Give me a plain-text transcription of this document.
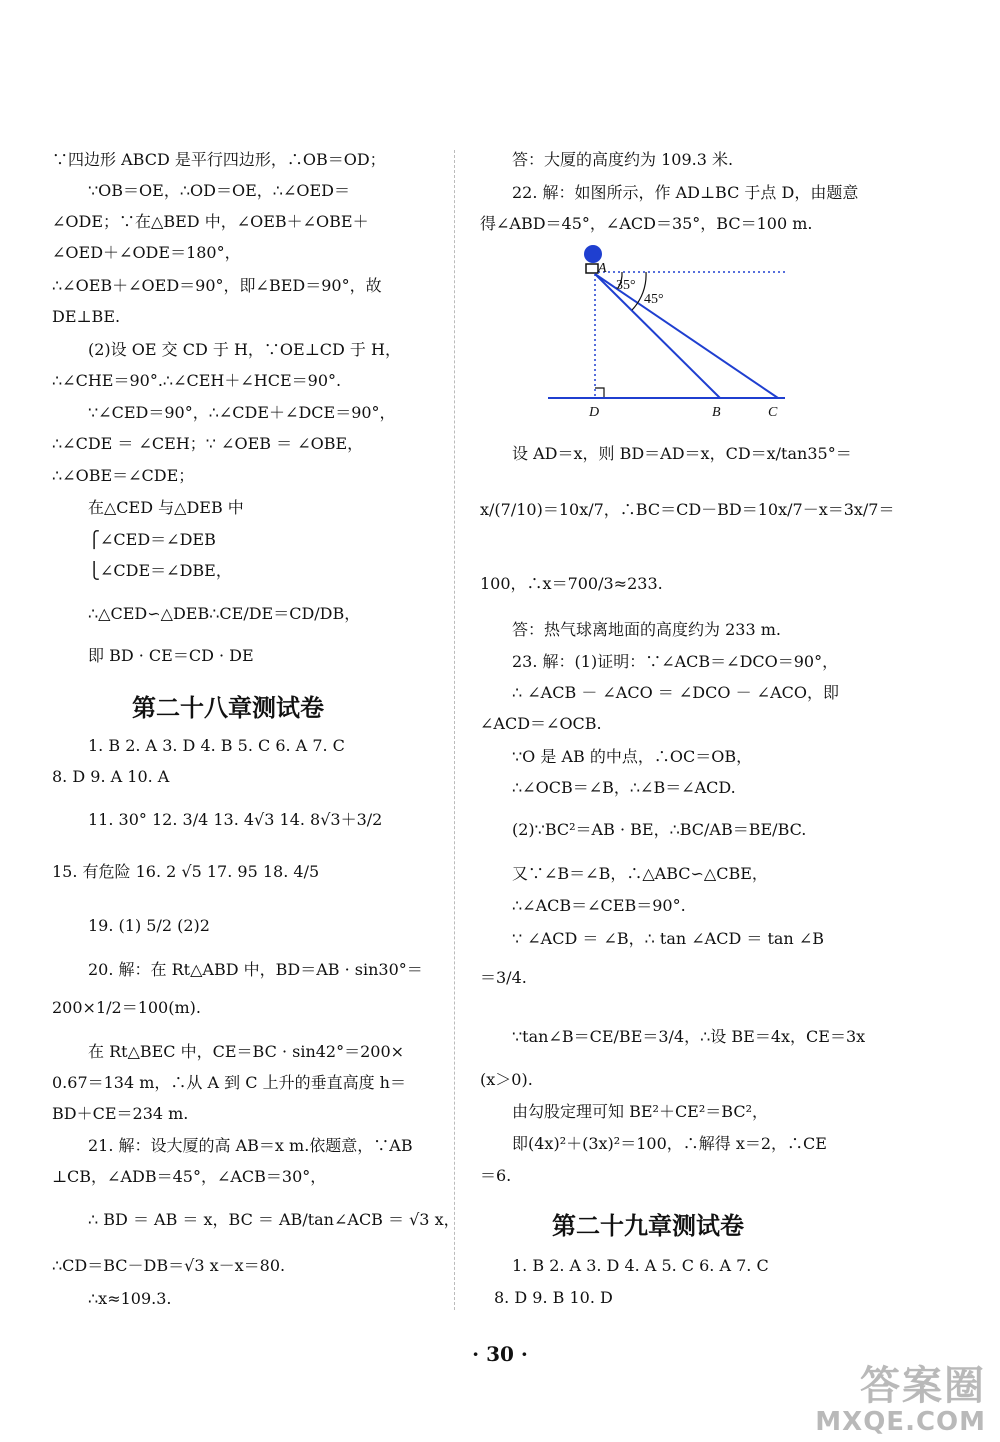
∵四边形 ABCD 是平行四边形，∴OB＝OD；
∵OB＝OE，∴OD＝OE，∴∠OED＝
∠ODE；∵在△BED 中，∠OEB＋∠OBE＋
∠OED＋∠ODE＝180°，
∴∠OEB＋∠OED＝90°，即∠BED＝90°，故
DE⊥BE.
(2)设 OE 交 CD 于 H，∵OE⊥CD 于 H，
∴∠CHE＝90°.∴∠CEH＋∠HCE＝90°.
∵∠CED＝90°，∴∠CDE＋∠DCE＝90°，
∴∠CDE ＝ ∠CEH；∵ ∠OEB ＝ ∠OBE，
∴∠OBE＝∠CDE；
在△CED 与△DEB 中
⎧∠CED＝∠DEB
⎩∠CDE＝∠DBE，
∴△CED∽△DEB∴CE/DE＝CD/DB，
即 BD · CE＝CD · DE
第二十八章测试卷
1. B 2. A 3. D 4. B 5. C 6. A 7. C
8. D 9. A 10. A
11. 30° 12. 3/4 13. 4√3 14. 8√3＋3/2
15. 有危险 16. 2 √5 17. 95 18. 4/5
19. (1) 5/2 (2)2
20. 解：在 Rt△ABD 中，BD＝AB · sin30°＝
200×1/2＝100(m).
在 Rt△BEC 中，CE＝BC · sin42°＝200×
0.67＝134 m，∴从 A 到 C 上升的垂直高度 h＝
BD＋CE＝234 m.
21. 解：设大厦的高 AB＝x m.依题意，∵AB
⊥CB，∠ADB＝45°，∠ACB＝30°，
∴ BD ＝ AB ＝ x，BC ＝ AB/tan∠ACB ＝ √3 x，
∴CD＝BC－DB＝√3 x－x＝80.
∴x≈109.3.
答：大厦的高度约为 109.3 米.
22. 解：如图所示，作 AD⊥BC 于点 D，由题意
得∠ABD＝45°，∠ACD＝35°，BC＝100 m.
A
35°
45°
D	B	C
设 AD＝x，则 BD＝AD＝x，CD＝x/tan35°＝
x/(7/10)＝10x/7，∴BC＝CD－BD＝10x/7－x＝3x/7＝
100，∴x＝700/3≈233.
答：热气球离地面的高度约为 233 m.
23. 解：(1)证明：∵∠ACB＝∠DCO＝90°，
∴ ∠ACB － ∠ACO ＝ ∠DCO － ∠ACO，即
∠ACD＝∠OCB.
∵O 是 AB 的中点，∴OC＝OB，
∴∠OCB＝∠B，∴∠B＝∠ACD.
(2)∵BC²＝AB · BE，∴BC/AB＝BE/BC.
又∵∠B＝∠B，∴△ABC∽△CBE，
∴∠ACB＝∠CEB＝90°.
∵ ∠ACD ＝ ∠B，∴ tan ∠ACD ＝ tan ∠B
＝3/4.
∵tan∠B＝CE/BE＝3/4，∴设 BE＝4x，CE＝3x
(x＞0).
由勾股定理可知 BE²＋CE²＝BC²，
即(4x)²＋(3x)²＝100，∴解得 x＝2，∴CE
＝6.
第二十九章测试卷
1. B 2. A 3. D 4. A 5. C 6. A 7. C
8. D 9. B 10. D
· 30 ·
答案圈
MXQE.COM
